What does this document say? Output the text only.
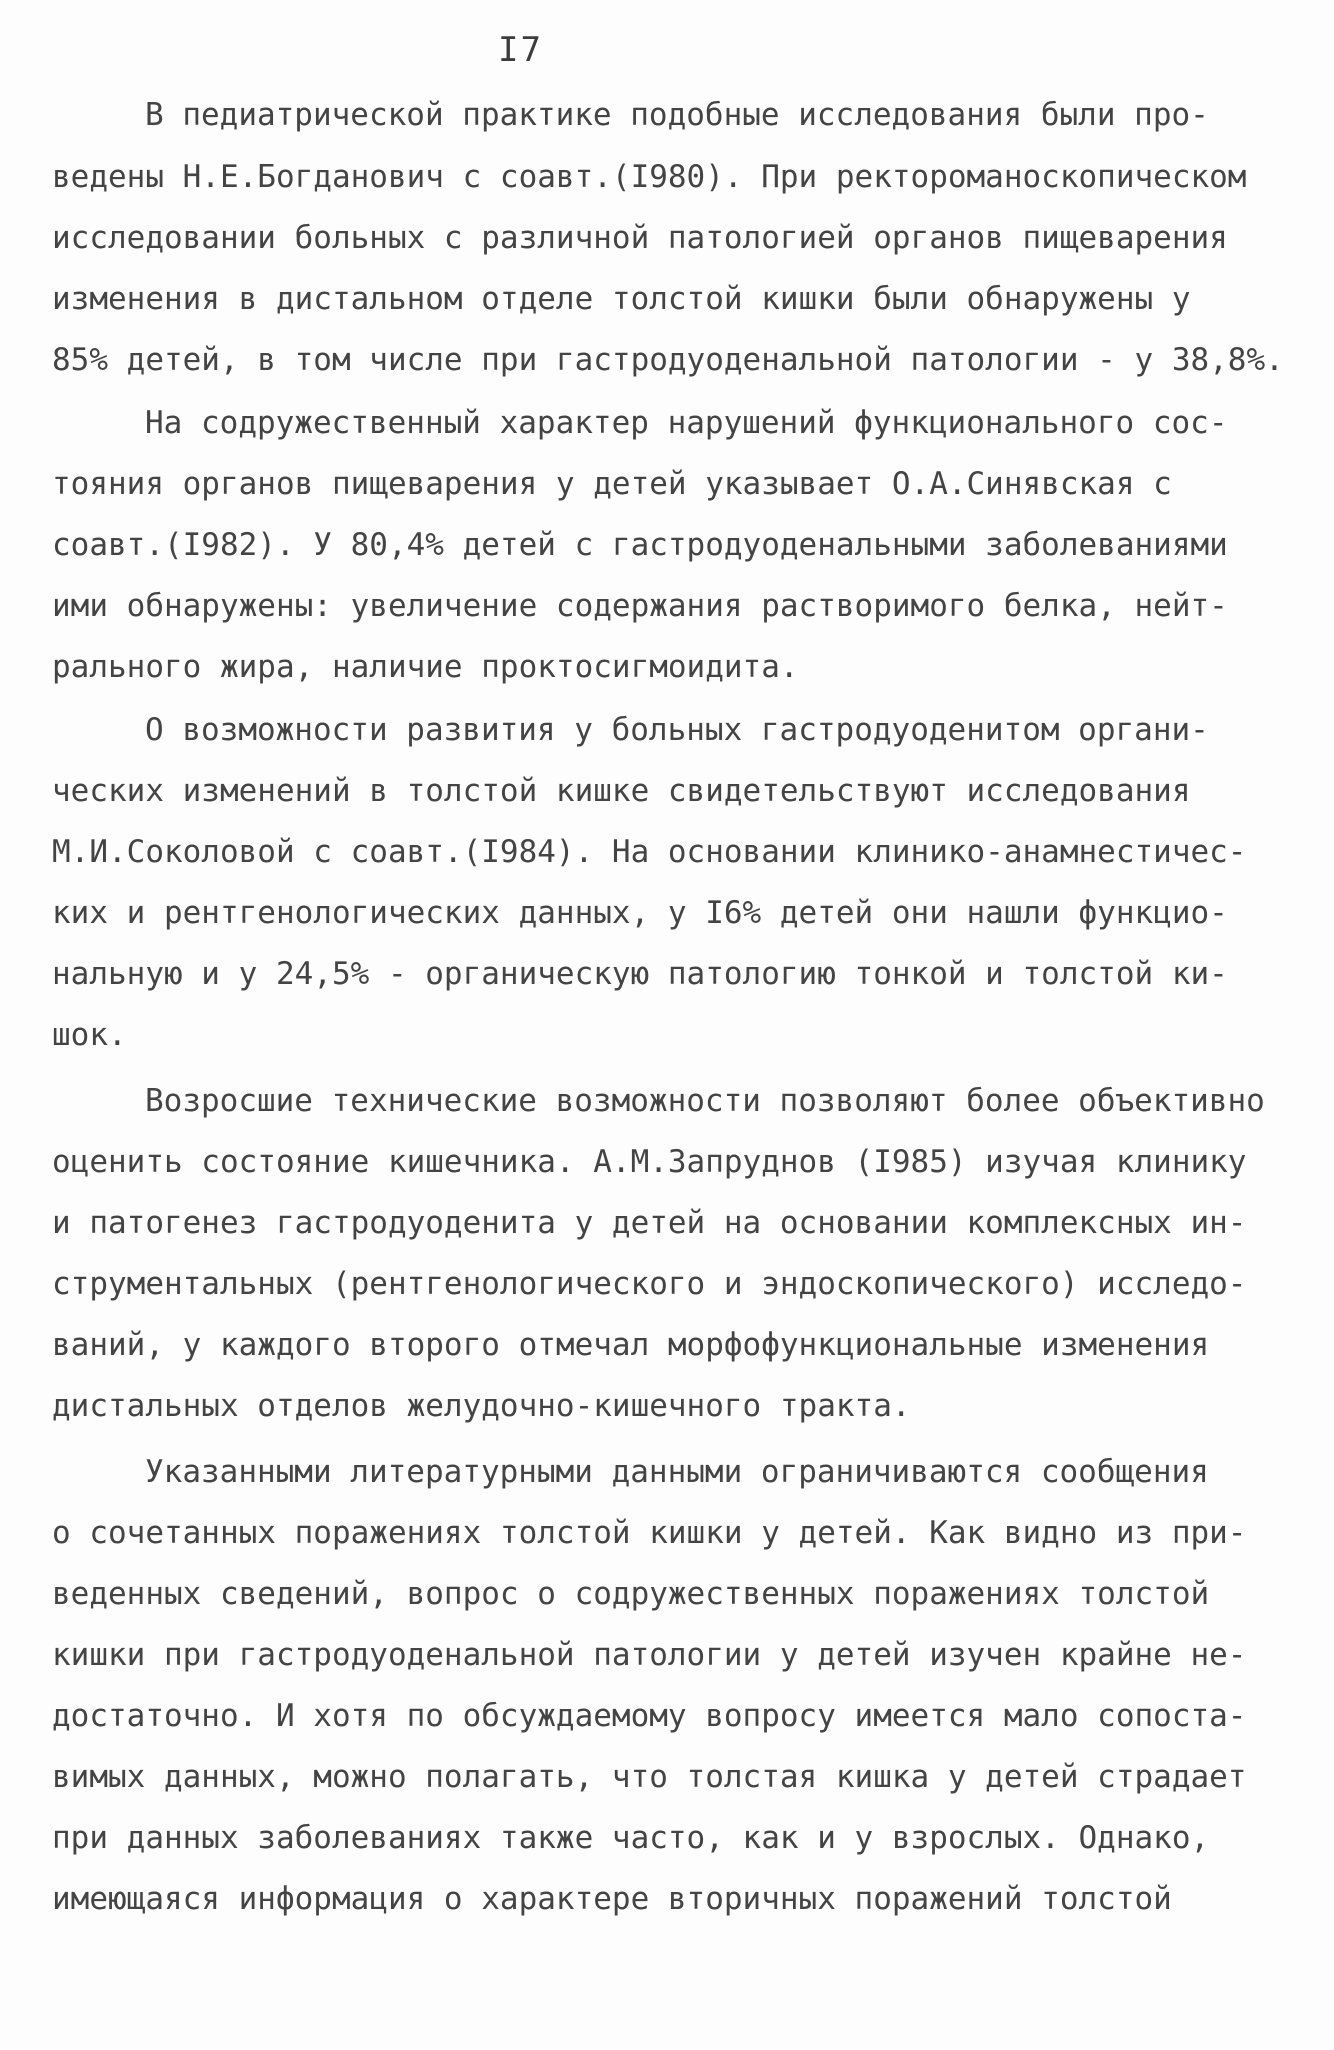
I7
В педиатрической практике подобные исследования были про-
ведены Н.Е.Богданович с соавт.(I980). При ректороманоскопическом
исследовании больных с различной патологией органов пищеварения
изменения в дистальном отделе толстой кишки были обнаружены у
85% детей, в том числе при гастродуоденальной патологии - у 38,8%.
На содружественный характер нарушений функционального сос-
тояния органов пищеварения у детей указывает О.А.Синявская с
соавт.(I982). У 80,4% детей с гастродуоденальными заболеваниями
ими обнаружены: увеличение содержания растворимого белка, нейт-
рального жира, наличие проктосигмоидита.
О возможности развития у больных гастродуоденитом органи-
ческих изменений в толстой кишке свидетельствуют исследования
М.И.Соколовой с соавт.(I984). На основании клинико-анамнестичес-
ких и рентгенологических данных, у I6% детей они нашли функцио-
нальную и у 24,5% - органическую патологию тонкой и толстой ки-
шок.
Возросшие технические возможности позволяют более объективно
оценить состояние кишечника. А.М.Запруднов (I985) изучая клинику
и патогенез гастродуоденита у детей на основании комплексных ин-
струментальных (рентгенологического и эндоскопического) исследо-
ваний, у каждого второго отмечал морфофункциональные изменения
дистальных отделов желудочно-кишечного тракта.
Указанными литературными данными ограничиваются сообщения
о сочетанных поражениях толстой кишки у детей. Как видно из при-
веденных сведений, вопрос о содружественных поражениях толстой
кишки при гастродуоденальной патологии у детей изучен крайне не-
достаточно. И хотя по обсуждаемому вопросу имеется мало сопоста-
вимых данных, можно полагать, что толстая кишка у детей страдает
при данных заболеваниях также часто, как и у взрослых. Однако,
имеющаяся информация о характере вторичных поражений толстой
